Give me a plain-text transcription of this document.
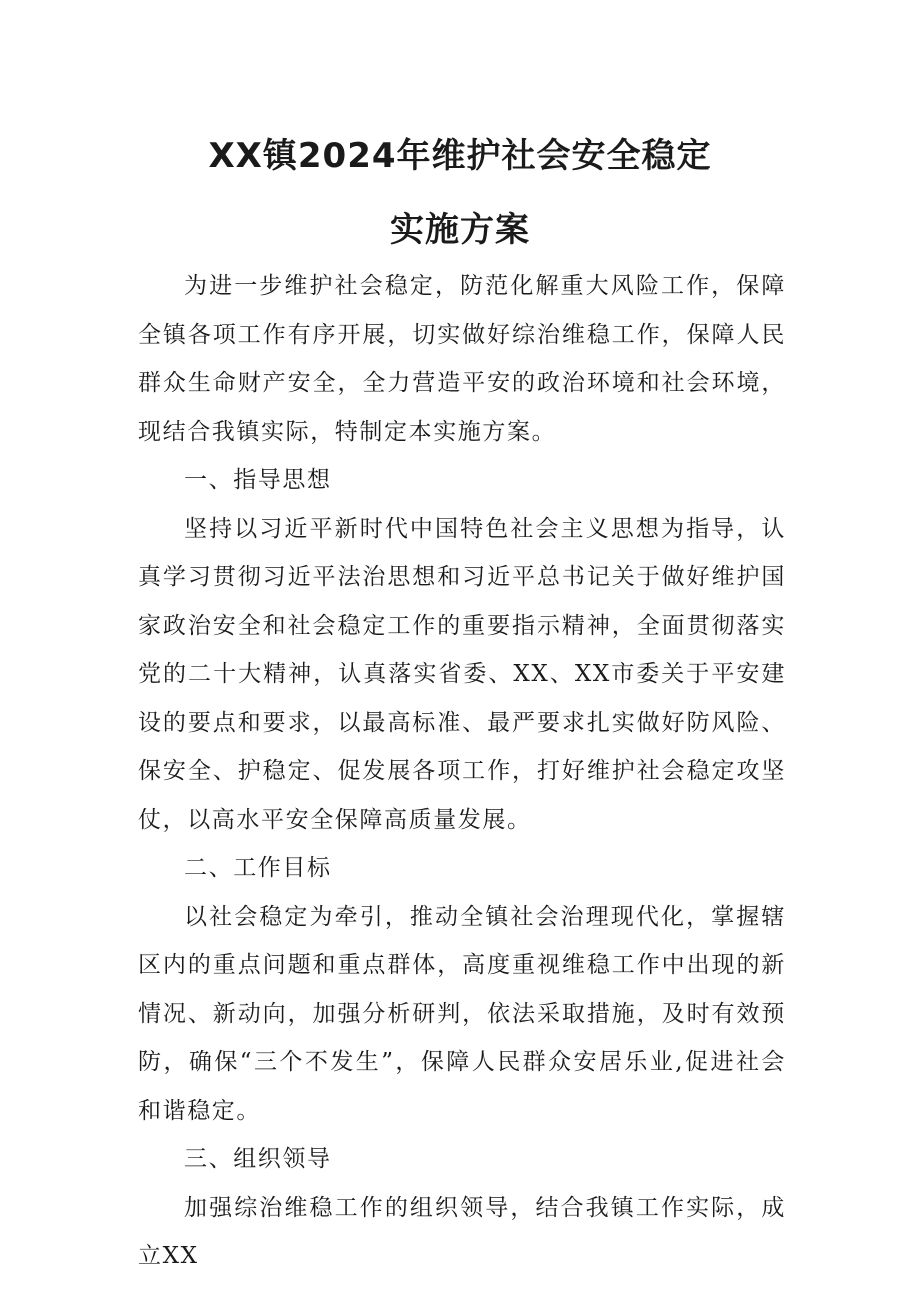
XX镇2024年维护社会安全稳定
实施方案

为进一步维护社会稳定，防范化解重大风险工作，保障全镇各项工作有序开展，切实做好综治维稳工作，保障人民群众生命财产安全，全力营造平安的政治环境和社会环境，现结合我镇实际，特制定本实施方案。

一、指导思想

坚持以习近平新时代中国特色社会主义思想为指导，认真学习贯彻习近平法治思想和习近平总书记关于做好维护国家政治安全和社会稳定工作的重要指示精神，全面贯彻落实党的二十大精神，认真落实省委、XX、XX市委关于平安建设的要点和要求，以最高标准、最严要求扎实做好防风险、保安全、护稳定、促发展各项工作，打好维护社会稳定攻坚仗，以高水平安全保障高质量发展。

二、工作目标

以社会稳定为牵引，推动全镇社会治理现代化，掌握辖区内的重点问题和重点群体，高度重视维稳工作中出现的新情况、新动向，加强分析研判，依法采取措施，及时有效预防，确保“三个不发生”，保障人民群众安居乐业,促进社会和谐稳定。

三、组织领导

加强综治维稳工作的组织领导，结合我镇工作实际，成立XX
